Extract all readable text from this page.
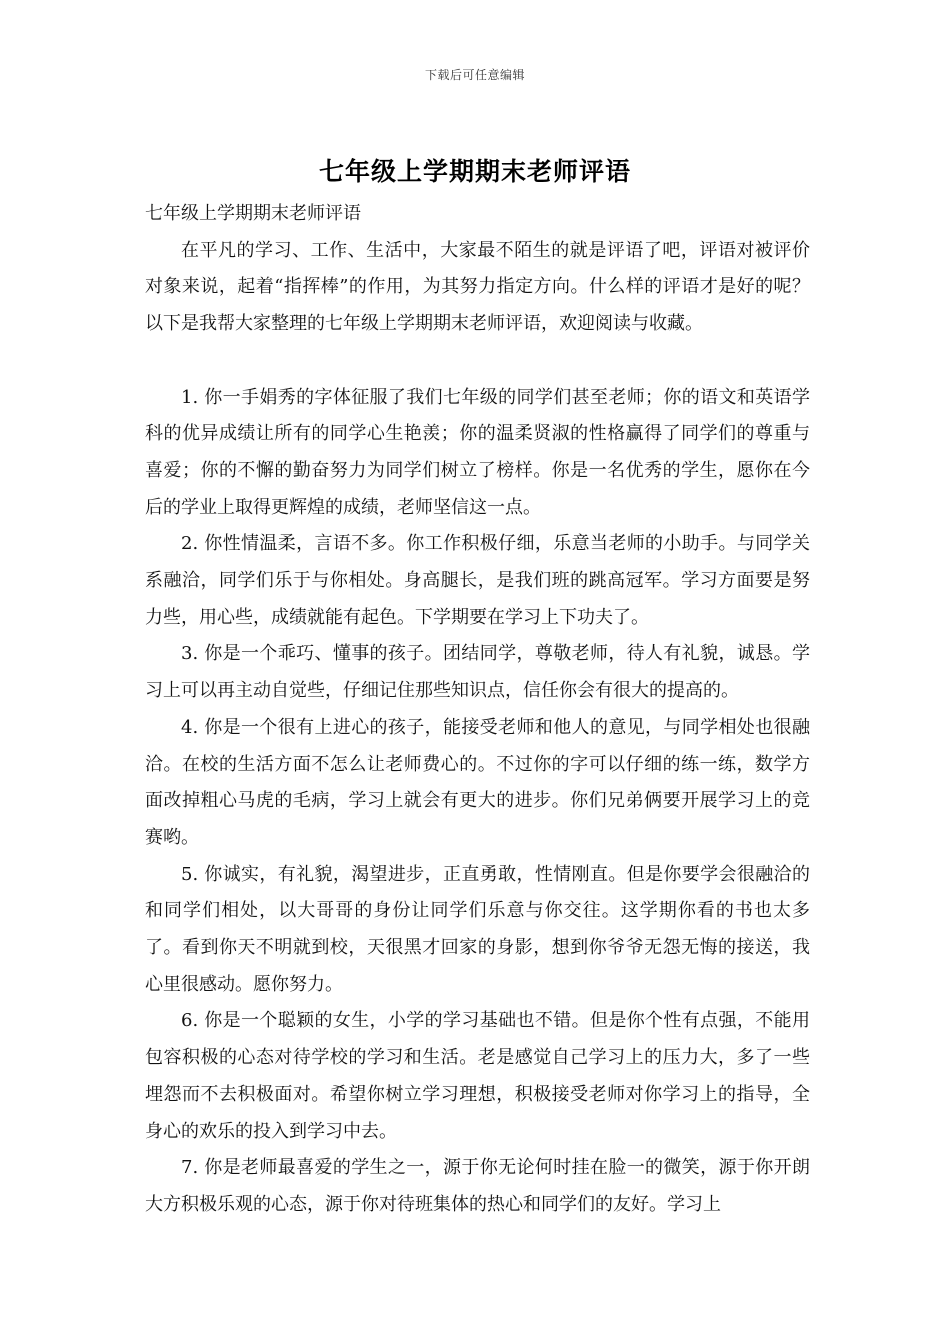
下载后可任意编辑
七年级上学期期末老师评语

七年级上学期期末老师评语

在平凡的学习、工作、生活中，大家最不陌生的就是评语了吧，评语对被评价对象来说，起着“指挥棒”的作用，为其努力指定方向。什么样的评语才是好的呢？以下是我帮大家整理的七年级上学期期末老师评语，欢迎阅读与收藏。

1. 你一手娟秀的字体征服了我们七年级的同学们甚至老师；你的语文和英语学科的优异成绩让所有的同学心生艳羡；你的温柔贤淑的性格赢得了同学们的尊重与喜爱；你的不懈的勤奋努力为同学们树立了榜样。你是一名优秀的学生，愿你在今后的学业上取得更辉煌的成绩，老师坚信这一点。

2. 你性情温柔，言语不多。你工作积极仔细，乐意当老师的小助手。与同学关系融洽，同学们乐于与你相处。身高腿长，是我们班的跳高冠军。学习方面要是努力些，用心些，成绩就能有起色。下学期要在学习上下功夫了。

3. 你是一个乖巧、懂事的孩子。团结同学，尊敬老师，待人有礼貌，诚恳。学习上可以再主动自觉些，仔细记住那些知识点，信任你会有很大的提高的。

4. 你是一个很有上进心的孩子，能接受老师和他人的意见，与同学相处也很融洽。在校的生活方面不怎么让老师费心的。不过你的字可以仔细的练一练，数学方面改掉粗心马虎的毛病，学习上就会有更大的进步。你们兄弟俩要开展学习上的竞赛哟。

5. 你诚实，有礼貌，渴望进步，正直勇敢，性情刚直。但是你要学会很融洽的和同学们相处，以大哥哥的身份让同学们乐意与你交往。这学期你看的书也太多了。看到你天不明就到校，天很黑才回家的身影，想到你爷爷无怨无悔的接送，我心里很感动。愿你努力。

6. 你是一个聪颖的女生，小学的学习基础也不错。但是你个性有点强，不能用包容积极的心态对待学校的学习和生活。老是感觉自己学习上的压力大，多了一些埋怨而不去积极面对。希望你树立学习理想，积极接受老师对你学习上的指导，全身心的欢乐的投入到学习中去。

7. 你是老师最喜爱的学生之一，源于你无论何时挂在脸一的微笑，源于你开朗大方积极乐观的心态，源于你对待班集体的热心和同学们的友好。学习上
